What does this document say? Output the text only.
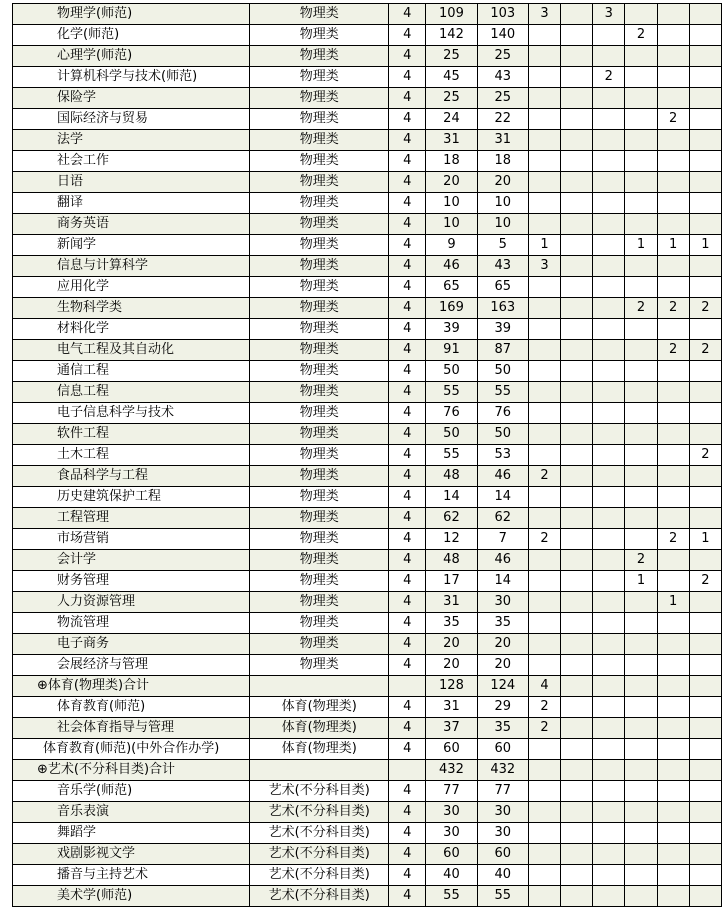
物理学(师范)	物理类	4	109	103	3		3			
化学(师范)	物理类	4	142	140				2		
心理学(师范)	物理类	4	25	25						
计算机科学与技术(师范)	物理类	4	45	43			2			
保险学	物理类	4	25	25						
国际经济与贸易	物理类	4	24	22					2	
法学	物理类	4	31	31						
社会工作	物理类	4	18	18						
日语	物理类	4	20	20						
翻译	物理类	4	10	10						
商务英语	物理类	4	10	10						
新闻学	物理类	4	9	5	1			1	1	1
信息与计算科学	物理类	4	46	43	3					
应用化学	物理类	4	65	65						
生物科学类	物理类	4	169	163				2	2	2
材料化学	物理类	4	39	39						
电气工程及其自动化	物理类	4	91	87					2	2
通信工程	物理类	4	50	50						
信息工程	物理类	4	55	55						
电子信息科学与技术	物理类	4	76	76						
软件工程	物理类	4	50	50						
土木工程	物理类	4	55	53						2
食品科学与工程	物理类	4	48	46	2					
历史建筑保护工程	物理类	4	14	14						
工程管理	物理类	4	62	62						
市场营销	物理类	4	12	7	2				2	1
会计学	物理类	4	48	46				2		
财务管理	物理类	4	17	14				1		2
人力资源管理	物理类	4	31	30					1	
物流管理	物理类	4	35	35						
电子商务	物理类	4	20	20						
会展经济与管理	物理类	4	20	20						
⊕体育(物理类)合计			128	124	4					
体育教育(师范)	体育(物理类)	4	31	29	2					
社会体育指导与管理	体育(物理类)	4	37	35	2					
体育教育(师范)(中外合作办学)	体育(物理类)	4	60	60						
⊕艺术(不分科目类)合计			432	432						
音乐学(师范)	艺术(不分科目类)	4	77	77						
音乐表演	艺术(不分科目类)	4	30	30						
舞蹈学	艺术(不分科目类)	4	30	30						
戏剧影视文学	艺术(不分科目类)	4	60	60						
播音与主持艺术	艺术(不分科目类)	4	40	40						
美术学(师范)	艺术(不分科目类)	4	55	55						
